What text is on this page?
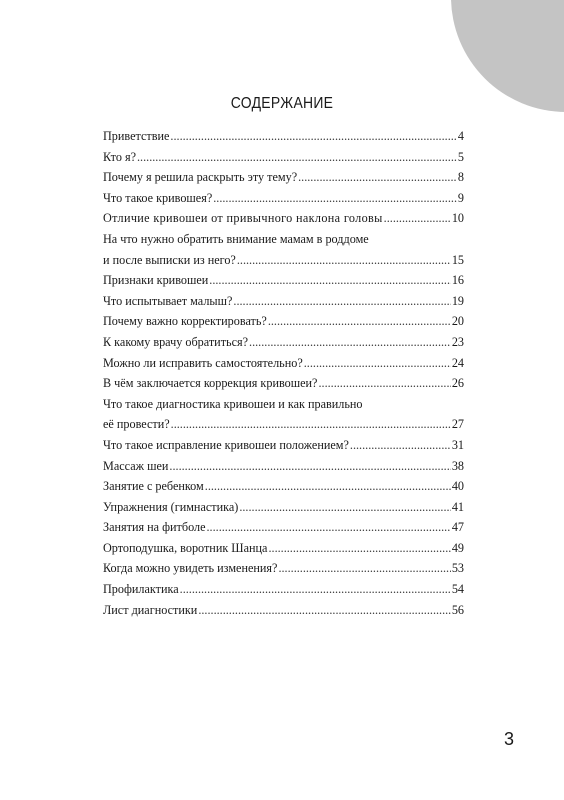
СОДЕРЖАНИЕ
Приветствие .....	4
Кто я? .....	5
Почему я решила раскрыть эту тему? .....	8
Что такое кривошея? .....	9
Отличие кривошеи от привычного наклона головы .....	10
На что нужно обратить внимание мамам в роддоме
и после выписки из него? .....	15
Признаки кривошеи .....	16
Что испытывает малыш? .....	19
Почему важно корректировать? .....	20
К какому врачу обратиться? .....	23
Можно ли исправить самостоятельно? .....	24
В чём заключается коррекция кривошеи? .....	26
Что такое диагностика кривошеи и как правильно
её провести? .....	27
Что такое исправление кривошеи положением? .....	31
Массаж шеи .....	38
Занятие с ребенком .....	40
Упражнения (гимнастика) .....	41
Занятия на фитболе .....	47
Ортоподушка, воротник Шанца .....	49
Когда можно увидеть изменения? .....	53
Профилактика .....	54
Лист диагностики .....	56
3
